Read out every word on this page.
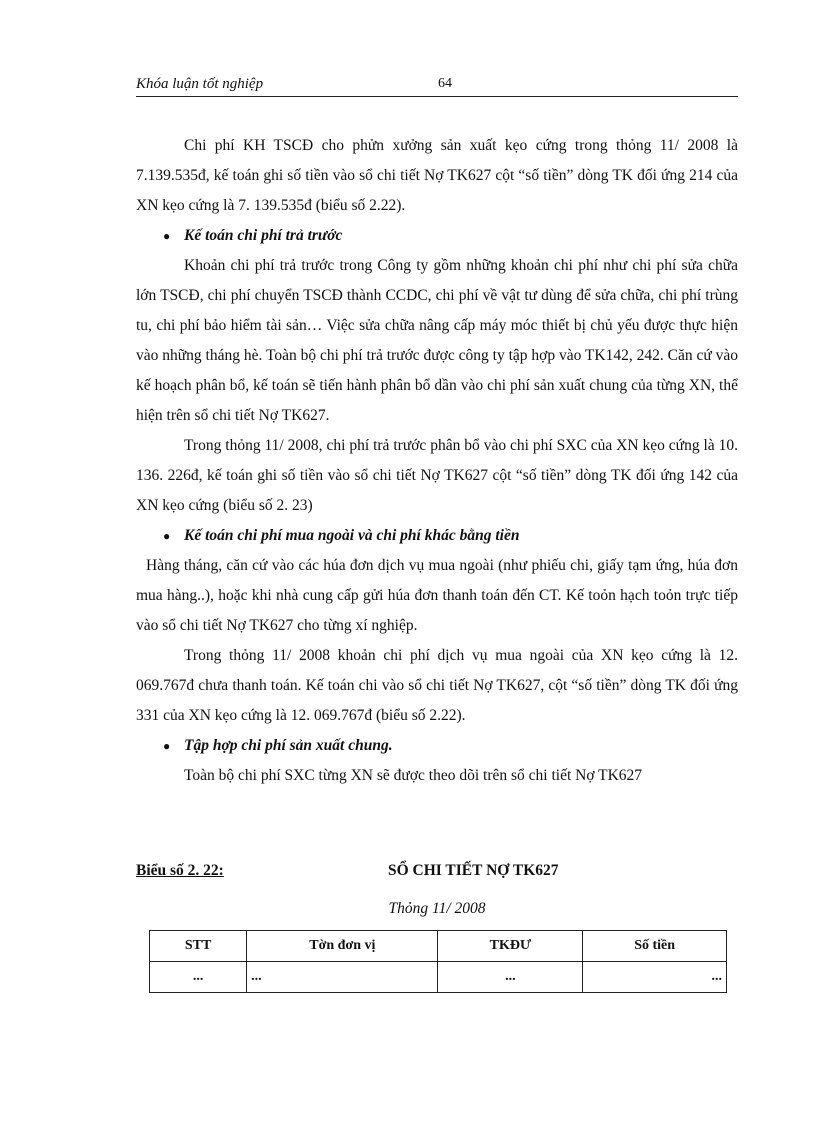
Khóa luận tốt nghiệp	64

Chi phí KH TSCĐ cho phửn xưởng sản xuất kẹo cứng trong thỏng 11/ 2008 là 7.139.535đ, kế toán ghi số tiền vào sổ chi tiết Nợ TK627 cột “số tiền” dòng TK đối ứng 214 của XN kẹo cứng là 7. 139.535đ (biểu số 2.22).

● Kế toán chi phí trả trước

Khoản chi phí trả trước trong Công ty gồm những khoản chi phí như chi phí sửa chữa lớn TSCĐ, chi phí chuyển TSCĐ thành CCDC, chi phí về vật tư dùng để sửa chữa, chi phí trùng tu, chi phí bảo hiểm tài sản… Việc sửa chữa nâng cấp máy móc thiết bị chủ yếu được thực hiện vào những tháng hè. Toàn bộ chi phí trả trước được công ty tập hợp vào TK142, 242. Căn cứ vào kế hoạch phân bổ, kế toán sẽ tiến hành phân bổ dần vào chi phí sản xuất chung của từng XN, thể hiện trên sổ chi tiết Nợ TK627.

Trong thỏng 11/ 2008, chi phí trả trước phân bổ vào chi phí SXC của XN kẹo cứng là 10. 136. 226đ, kế toán ghi số tiền vào sổ chi tiết Nợ TK627 cột “số tiền” dòng TK đối ứng 142 của XN kẹo cứng (biểu số 2. 23)

● Kế toán chi phí mua ngoài và chi phí khác bằng tiền

Hàng tháng, căn cứ vào các húa đơn dịch vụ mua ngoài (như phiếu chi, giấy tạm ứng, húa đơn mua hàng..), hoặc khi nhà cung cấp gửi húa đơn thanh toán đến CT. Kế toỏn hạch toỏn trực tiếp vào sổ chi tiết Nợ TK627 cho từng xí nghiệp.

Trong thỏng 11/ 2008 khoản chi phí dịch vụ mua ngoài của XN kẹo cứng là 12. 069.767đ chưa thanh toán. Kế toán chi vào sổ chi tiết Nợ TK627, cột “số tiền” dòng TK đối ứng 331 của XN kẹo cứng là 12. 069.767đ (biểu số 2.22).

● Tập hợp chi phí sản xuất chung.

Toàn bộ chi phí SXC từng XN sẽ được theo dõi trên sổ chi tiết Nợ TK627

Biểu số 2. 22:	SỔ CHI TIẾT NỢ TK627
Thỏng 11/ 2008
STT	Tờn đơn vị	TKĐƯ	Số tiền
...	...	...	...
